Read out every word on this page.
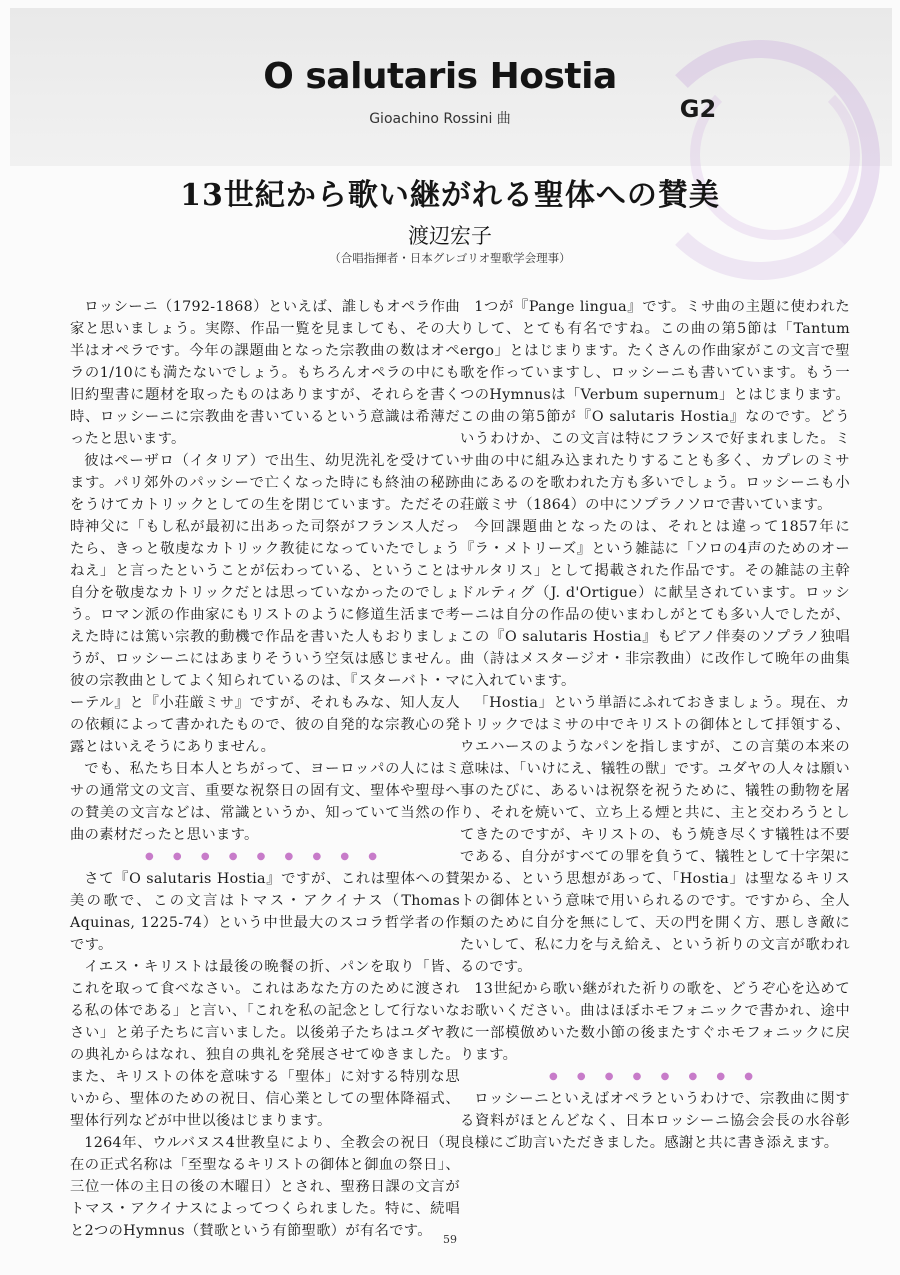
O salutaris Hostia
Gioachino Rossini 曲	G2
13世紀から歌い継がれる聖体への賛美
渡辺宏子
（合唱指揮者・日本グレゴリオ聖歌学会理事）

ロッシーニ（1792-1868）といえば、誰しもオペラ作曲家と思いましょう。実際、作品一覧を見ましても、その大半はオペラです。今年の課題曲となった宗教曲の数はオペラの1/10にも満たないでしょう。もちろんオペラの中にも旧約聖書に題材を取ったものはありますが、それらを書く時、ロッシーニに宗教曲を書いているという意識は希薄だったと思います。

彼はペーザロ（イタリア）で出生、幼児洗礼を受けています。パリ郊外のパッシーで亡くなった時にも終油の秘跡をうけてカトリックとしての生を閉じています。ただその時神父に「もし私が最初に出あった司祭がフランス人だったら、きっと敬虔なカトリック教徒になっていたでしょうねえ」と言ったということが伝わっている、ということは自分を敬虔なカトリックだとは思っていなかったのでしょう。ロマン派の作曲家にもリストのように修道生活まで考えた時には篤い宗教的動機で作品を書いた人もおりましょうが、ロッシーニにはあまりそういう空気は感じません。彼の宗教曲としてよく知られているのは、『スターバト・マーテル』と『小荘厳ミサ』ですが、それもみな、知人友人の依頼によって書かれたもので、彼の自発的な宗教心の発露とはいえそうにありません。

でも、私たち日本人とちがって、ヨーロッパの人にはミサの通常文の文言、重要な祝祭日の固有文、聖体や聖母への賛美の文言などは、常識というか、知っていて当然の作曲の素材だったと思います。

● ● ● ● ● ● ● ● ●

さて『O salutaris Hostia』ですが、これは聖体への賛美の歌で、この文言はトマス・アクイナス（Thomas Aquinas, 1225-74）という中世最大のスコラ哲学者の作です。

イエス・キリストは最後の晩餐の折、パンを取り「皆、これを取って食べなさい。これはあなた方のために渡される私の体である」と言い、「これを私の記念として行ないなさい」と弟子たちに言いました。以後弟子たちはユダヤ教の典礼からはなれ、独自の典礼を発展させてゆきました。また、キリストの体を意味する「聖体」に対する特別な思いから、聖体のための祝日、信心業としての聖体降福式、聖体行列などが中世以後はじまります。

1264年、ウルバヌス4世教皇により、全教会の祝日（現在の正式名称は「至聖なるキリストの御体と御血の祭日」、三位一体の主日の後の木曜日）とされ、聖務日課の文言がトマス・アクイナスによってつくられました。特に、続唱と2つのHymnus（賛歌という有節聖歌）が有名です。

1つが『Pange lingua』です。ミサ曲の主題に使われたりして、とても有名ですね。この曲の第5節は「Tantum ergo」とはじまります。たくさんの作曲家がこの文言で聖歌を作っていますし、ロッシーニも書いています。もう一つのHymnusは「Verbum supernum」とはじまります。この曲の第5節が『O salutaris Hostia』なのです。どういうわけか、この文言は特にフランスで好まれました。ミサ曲の中に組み込まれたりすることも多く、カプレのミサ曲にあるのを歌われた方も多いでしょう。ロッシーニも小荘厳ミサ（1864）の中にソプラノソロで書いています。

今回課題曲となったのは、それとは違って1857年に『ラ・メトリーズ』という雑誌に「ソロの4声のためのオーサルタリス」として掲載された作品です。その雑誌の主幹ドルティグ（J. d'Ortigue）に献呈されています。ロッシーニは自分の作品の使いまわしがとても多い人でしたが、この『O salutaris Hostia』もピアノ伴奏のソプラノ独唱曲（詩はメスタージオ・非宗教曲）に改作して晩年の曲集に入れています。

「Hostia」という単語にふれておきましょう。現在、カトリックではミサの中でキリストの御体として拝領する、ウエハースのようなパンを指しますが、この言葉の本来の意味は、「いけにえ、犠牲の獣」です。ユダヤの人々は願い事のたびに、あるいは祝祭を祝うために、犠牲の動物を屠り、それを焼いて、立ち上る煙と共に、主と交わろうとしてきたのですが、キリストの、もう焼き尽くす犠牲は不要である、自分がすべての罪を負うて、犠牲として十字架に架かる、という思想があって、「Hostia」は聖なるキリストの御体という意味で用いられるのです。ですから、全人類のために自分を無にして、天の門を開く方、悪しき敵にたいして、私に力を与え給え、という祈りの文言が歌われるのです。

13世紀から歌い継がれた祈りの歌を、どうぞ心を込めてお歌いください。曲はほぼホモフォニックで書かれ、途中に一部模倣めいた数小節の後またすぐホモフォニックに戻ります。

● ● ● ● ● ● ● ●

ロッシーニといえばオペラというわけで、宗教曲に関する資料がほとんどなく、日本ロッシーニ協会会長の水谷彰良様にご助言いただきました。感謝と共に書き添えます。

59
